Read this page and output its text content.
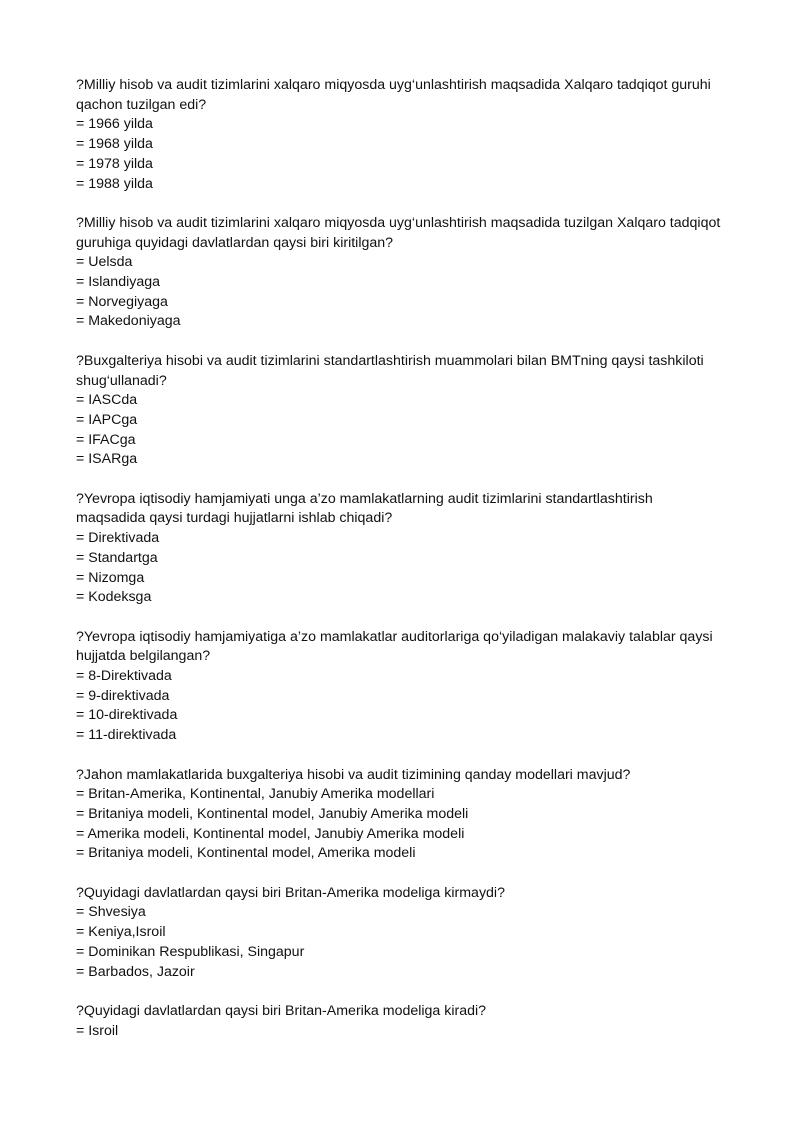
?Milliy hisob va audit tizimlarini xalqaro miqyosda uyg‘unlashtirish maqsadida Xalqaro tadqiqot guruhi qachon tuzilgan edi?

= 1966 yilda

= 1968 yilda

= 1978 yilda

= 1988 yilda

?Milliy hisob va audit tizimlarini xalqaro miqyosda uyg‘unlashtirish maqsadida tuzilgan Xalqaro tadqiqot guruhiga quyidagi davlatlardan qaysi biri kiritilgan?

= Uelsda

= Islandiyaga

= Norvegiyaga

= Makedoniyaga

?Buxgalteriya hisobi va audit tizimlarini standartlashtirish muammolari bilan BMTning qaysi tashkiloti shug‘ullanadi?

= IASCda

= IAPCga

= IFACga

= ISARga

?Yevropa iqtisodiy hamjamiyati unga a’zo mamlakatlarning audit tizimlarini standartlashtirish maqsadida qaysi turdagi hujjatlarni ishlab chiqadi?

= Direktivada

= Standartga

= Nizomga

= Kodeksga

?Yevropa iqtisodiy hamjamiyatiga a’zo mamlakatlar auditorlariga qo‘yiladigan malakaviy talablar qaysi hujjatda belgilangan?

= 8-Direktivada

= 9-direktivada

= 10-direktivada

= 11-direktivada

?Jahon mamlakatlarida buxgalteriya hisobi va audit tizimining qanday modellari mavjud?

= Britan-Amerika, Kontinental, Janubiy Amerika modellari

= Britaniya modeli, Kontinental model, Janubiy Amerika modeli

= Amerika modeli, Kontinental model, Janubiy Amerika modeli

= Britaniya modeli, Kontinental model, Amerika modeli

?Quyidagi davlatlardan qaysi biri Britan-Amerika modeliga kirmaydi?

= Shvesiya

= Keniya,Isroil

= Dominikan Respublikasi, Singapur

= Barbados, Jazoir

?Quyidagi davlatlardan qaysi biri Britan-Amerika modeliga kiradi?

= Isroil
